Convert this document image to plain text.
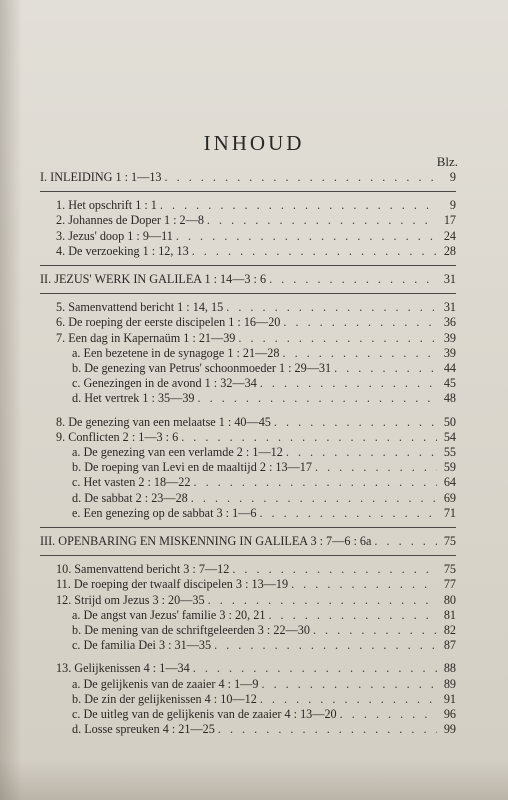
INHOUD
Blz.
I. INLEIDING 1 : 1—13 . . .	9
1. Het opschrift 1 : 1 . . .	9
2. Johannes de Doper 1 : 2—8 . . .	17
3. Jezus' doop 1 : 9—11 . . .	24
4. De verzoeking 1 : 12, 13 . . .	28
II. JEZUS' WERK IN GALILEA 1 : 14—3 : 6 . . .	31
5. Samenvattend bericht 1 : 14, 15 . . .	31
6. De roeping der eerste discipelen 1 : 16—20 . . .	36
7. Een dag in Kapernaüm 1 : 21—39 . . .	39
a. Een bezetene in de synagoge 1 : 21—28 . . .	39
b. De genezing van Petrus' schoonmoeder 1 : 29—31 . . .	44
c. Genezingen in de avond 1 : 32—34 . . .	45
d. Het vertrek 1 : 35—39 . . .	48
8. De genezing van een melaatse 1 : 40—45 . . .	50
9. Conflicten 2 : 1—3 : 6 . . .	54
a. De genezing van een verlamde 2 : 1—12 . . .	55
b. De roeping van Levi en de maaltijd 2 : 13—17 . . .	59
c. Het vasten 2 : 18—22 . . .	64
d. De sabbat 2 : 23—28 . . .	69
e. Een genezing op de sabbat 3 : 1—6 . . .	71
III. OPENBARING EN MISKENNING IN GALILEA 3 : 7—6 : 6a . . .	75
10. Samenvattend bericht 3 : 7—12 . . .	75
11. De roeping der twaalf discipelen 3 : 13—19 . . .	77
12. Strijd om Jezus 3 : 20—35 . . .	80
a. De angst van Jezus' familie 3 : 20, 21 . . .	81
b. De mening van de schriftgeleerden 3 : 22—30 . . .	82
c. De familia Dei 3 : 31—35 . . .	87
13. Gelijkenissen 4 : 1—34 . . .	88
a. De gelijkenis van de zaaier 4 : 1—9 . . .	89
b. De zin der gelijkenissen 4 : 10—12 . . .	91
c. De uitleg van de gelijkenis van de zaaier 4 : 13—20 . . .	96
d. Losse spreuken 4 : 21—25 . . .	99
